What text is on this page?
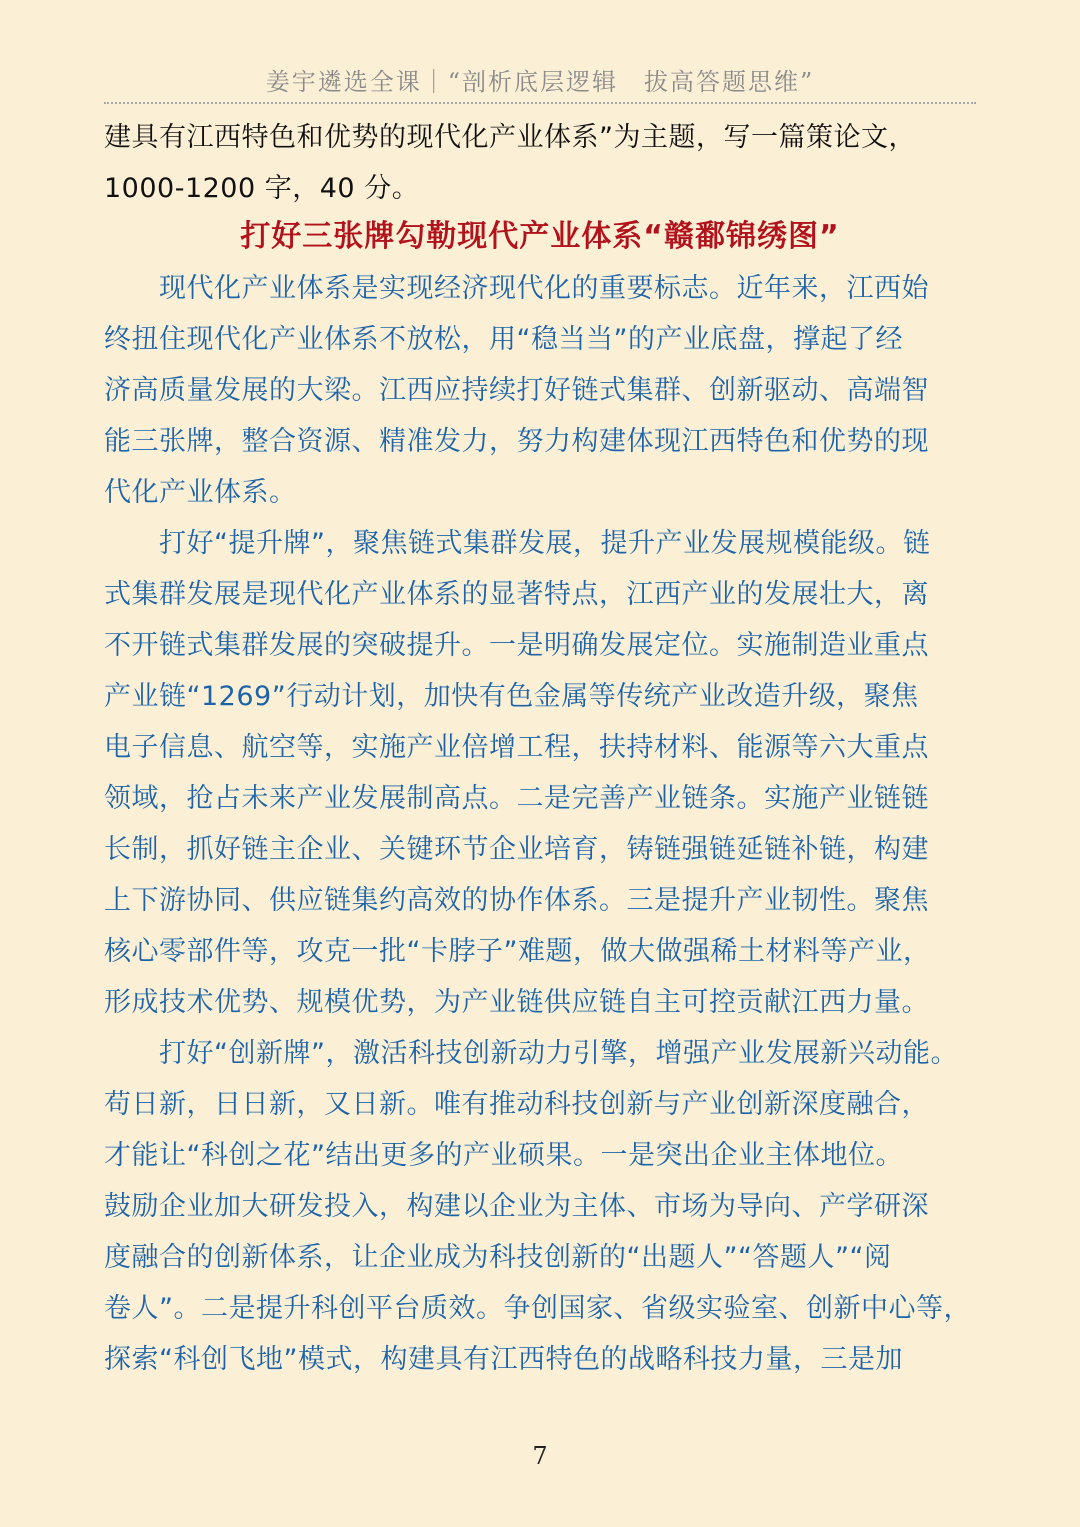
姜宇遴选全课｜“剖析底层逻辑　拔高答题思维”

建具有江西特色和优势的现代化产业体系”为主题，写一篇策论文，

1000-1200 字，40 分。

打好三张牌勾勒现代产业体系“赣鄱锦绣图”

　　现代化产业体系是实现经济现代化的重要标志。近年来，江西始

终扭住现代化产业体系不放松，用“稳当当”的产业底盘，撑起了经

济高质量发展的大梁。江西应持续打好链式集群、创新驱动、高端智

能三张牌，整合资源、精准发力，努力构建体现江西特色和优势的现

代化产业体系。

　　打好“提升牌”，聚焦链式集群发展，提升产业发展规模能级。链

式集群发展是现代化产业体系的显著特点，江西产业的发展壮大，离

不开链式集群发展的突破提升。一是明确发展定位。实施制造业重点

产业链“1269”行动计划，加快有色金属等传统产业改造升级，聚焦

电子信息、航空等，实施产业倍增工程，扶持材料、能源等六大重点

领域，抢占未来产业发展制高点。二是完善产业链条。实施产业链链

长制，抓好链主企业、关键环节企业培育，铸链强链延链补链，构建

上下游协同、供应链集约高效的协作体系。三是提升产业韧性。聚焦

核心零部件等，攻克一批“卡脖子”难题，做大做强稀土材料等产业，

形成技术优势、规模优势，为产业链供应链自主可控贡献江西力量。

　　打好“创新牌”，激活科技创新动力引擎，增强产业发展新兴动能。

苟日新，日日新，又日新。唯有推动科技创新与产业创新深度融合，

才能让“科创之花”结出更多的产业硕果。一是突出企业主体地位。

鼓励企业加大研发投入，构建以企业为主体、市场为导向、产学研深

度融合的创新体系，让企业成为科技创新的“出题人”“答题人”“阅

卷人”。二是提升科创平台质效。争创国家、省级实验室、创新中心等，

探索“科创飞地”模式，构建具有江西特色的战略科技力量，三是加

7
